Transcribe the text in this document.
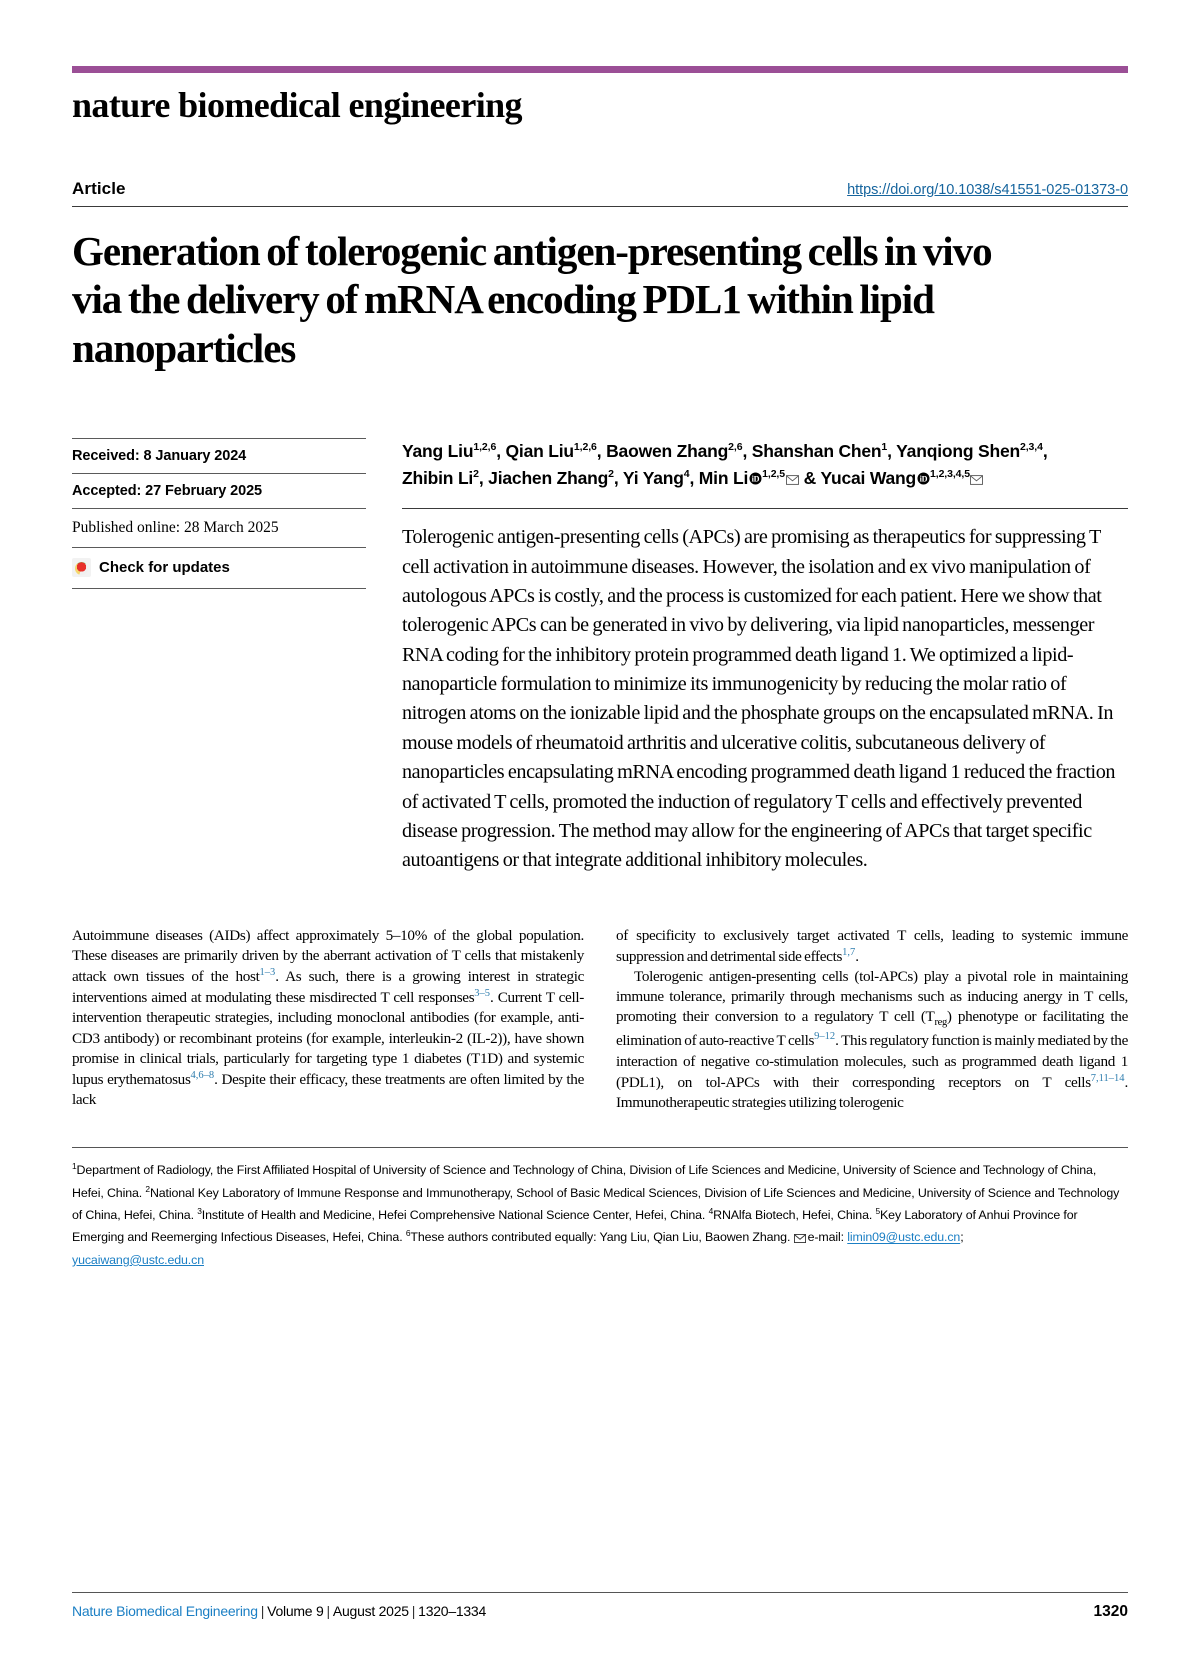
nature biomedical engineering
Article	https://doi.org/10.1038/s41551-025-01373-0
Generation of tolerogenic antigen-presenting cells in vivo via the delivery of mRNA encoding PDL1 within lipid nanoparticles
Received: 8 January 2024
Accepted: 27 February 2025
Published online: 28 March 2025
Check for updates
Yang Liu$^{1,2,6}$, Qian Liu$^{1,2,6}$, Baowen Zhang$^{2,6}$, Shanshan Chen$^1$, Yanqiong Shen$^{2,3,4}$,
Zhibin Li$^2$, Jiachen Zhang$^2$, Yi Yang$^4$, Min Li iD $^{1,2,5}$ & Yucai Wang iD $^{1,2,3,4,5}$
Tolerogenic antigen-presenting cells (APCs) are promising as therapeutics for suppressing T cell activation in autoimmune diseases. However, the isolation and ex vivo manipulation of autologous APCs is costly, and the process is customized for each patient. Here we show that tolerogenic APCs can be generated in vivo by delivering, via lipid nanoparticles, messenger RNA coding for the inhibitory protein programmed death ligand 1. We optimized a lipid-nanoparticle formulation to minimize its immunogenicity by reducing the molar ratio of nitrogen atoms on the ionizable lipid and the phosphate groups on the encapsulated mRNA. In mouse models of rheumatoid arthritis and ulcerative colitis, subcutaneous delivery of nanoparticles encapsulating mRNA encoding programmed death ligand 1 reduced the fraction of activated T cells, promoted the induction of regulatory T cells and effectively prevented disease progression. The method may allow for the engineering of APCs that target specific autoantigens or that integrate additional inhibitory molecules.

Autoimmune diseases (AIDs) affect approximately 5–10% of the global population. These diseases are primarily driven by the aberrant activation of T cells that mistakenly attack own tissues of the host$^{1-3}$. As such, there is a growing interest in strategic interventions aimed at modulating these misdirected T cell responses$^{3-5}$. Current T cell-intervention therapeutic strategies, including monoclonal antibodies (for example, anti-CD3 antibody) or recombinant proteins (for example, interleukin-2 (IL-2)), have shown promise in clinical trials, particularly for targeting type 1 diabetes (T1D) and systemic lupus erythematosus$^{4,6-8}$. Despite their efficacy, these treatments are often limited by the lack

of specificity to exclusively target activated T cells, leading to systemic immune suppression and detrimental side effects$^{1,7}$.

Tolerogenic antigen-presenting cells (tol-APCs) play a pivotal role in maintaining immune tolerance, primarily through mechanisms such as inducing anergy in T cells, promoting their conversion to a regulatory T cell $(T_{reg})$ phenotype or facilitating the elimination of auto-reactive T cells$^{9-12}$. This regulatory function is mainly mediated by the interaction of negative co-stimulation molecules, such as programmed death ligand 1 (PDL1), on tol-APCs with their corresponding receptors on T cells$^{7,11-14}$. Immunotherapeutic strategies utilizing tolerogenic

$^1$Department of Radiology, the First Affiliated Hospital of University of Science and Technology of China, Division of Life Sciences and Medicine, University of Science and Technology of China, Hefei, China. $^2$National Key Laboratory of Immune Response and Immunotherapy, School of Basic Medical Sciences, Division of Life Sciences and Medicine, University of Science and Technology of China, Hefei, China. $^3$Institute of Health and Medicine, Hefei Comprehensive National Science Center, Hefei, China. $^4$RNAlfa Biotech, Hefei, China. $^5$Key Laboratory of Anhui Province for Emerging and Reemerging Infectious Diseases, Hefei, China. $^6$These authors contributed equally: Yang Liu, Qian Liu, Baowen Zhang. e-mail: limin09@ustc.edu.cn;
yucaiwang@ustc.edu.cn
Nature Biomedical Engineering | Volume 9 | August 2025 | 1320–1334	1320
